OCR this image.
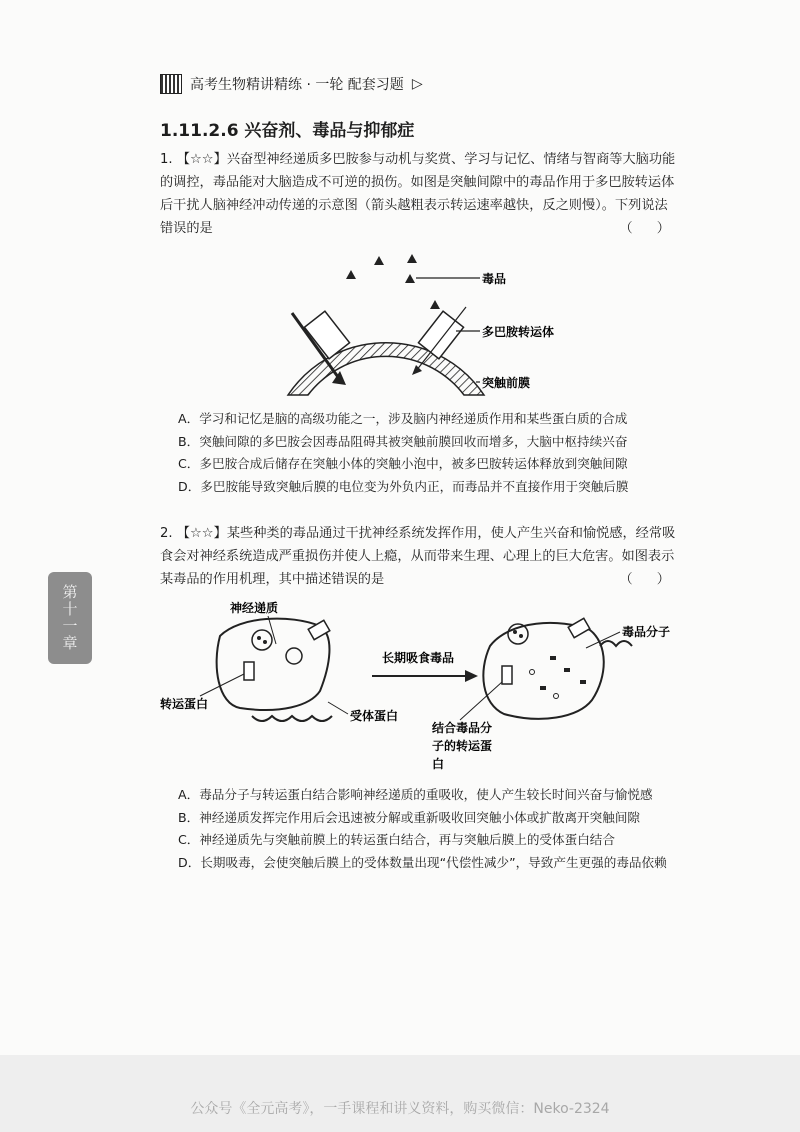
高考生物精讲精练 · 一轮 配套习题 ▷
1.11.2.6 兴奋剂、毒品与抑郁症
1. 【☆☆】兴奋型神经递质多巴胺参与动机与奖赏、学习与记忆、情绪与智商等大脑功能的调控，毒品能对大脑造成不可逆的损伤。如图是突触间隙中的毒品作用于多巴胺转运体后干扰人脑神经冲动传递的示意图（箭头越粗表示转运速率越快，反之则慢）。下列说法错误的是	（ ）
毒品
多巴胺转运体
突触前膜
A．学习和记忆是脑的高级功能之一，涉及脑内神经递质作用和某些蛋白质的合成
B．突触间隙的多巴胺会因毒品阻碍其被突触前膜回收而增多，大脑中枢持续兴奋
C．多巴胺合成后储存在突触小体的突触小泡中，被多巴胺转运体释放到突触间隙
D．多巴胺能导致突触后膜的电位变为外负内正，而毒品并不直接作用于突触后膜
2. 【☆☆】某些种类的毒品通过干扰神经系统发挥作用，使人产生兴奋和愉悦感，经常吸食会对神经系统造成严重损伤并使人上瘾，从而带来生理、心理上的巨大危害。如图表示某毒品的作用机理，其中描述错误的是	（ ）
神经递质
转运蛋白
受体蛋白
长期吸食毒品
毒品分子
结合毒品分
子的转运蛋
白
A．毒品分子与转运蛋白结合影响神经递质的重吸收，使人产生较长时间兴奋与愉悦感
B．神经递质发挥完作用后会迅速被分解或重新吸收回突触小体或扩散离开突触间隙
C．神经递质先与突触前膜上的转运蛋白结合，再与突触后膜上的受体蛋白结合
D．长期吸毒，会使突触后膜上的受体数量出现“代偿性减少”，导致产生更强的毒品依赖
第十一章
公众号《全元高考》，一手课程和讲义资料，购买微信：Neko-2324
